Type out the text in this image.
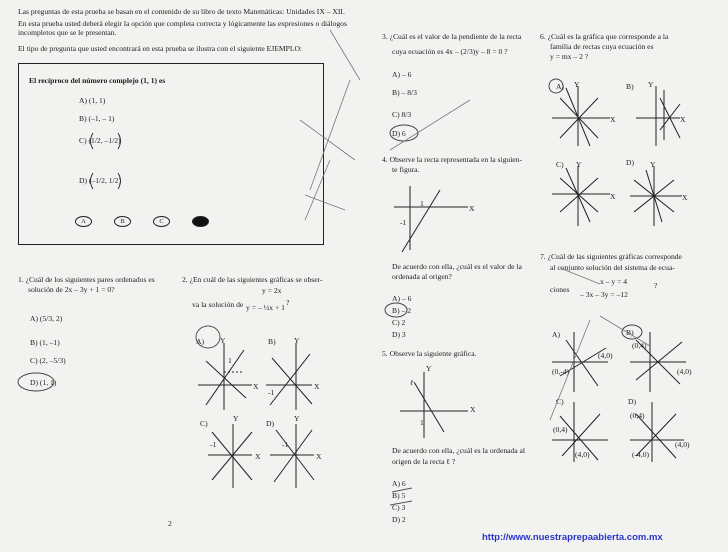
Las preguntas de esta prueba se basan en el contenido de su libro de texto Matemáticas: Unidades IX – XII.
En esta prueba usted deberá elegir la opción que completa correcta y lógicamente las expresiones o diálogos
incompletos que se le presentan.
El tipo de pregunta que usted encontrará en esta prueba se ilustra con el siguiente EJEMPLO:
El recíproco del número complejo (1, 1) es
A) (1, 1)
B) (–1, – 1)
C) (1/2, –1/2)
D) (–1/2, 1/2)
A	B	C	D
1. ¿Cuál de los siguientes pares ordenados es
solución de 2x – 3y + 1 = 0?
A) (5/3, 2)
B) (1, –1)
C) (2, –5/3)
D) (1, 1)
2. ¿En cuál de las siguientes gráficas se obser-
y = 2x
va la solución de y = – ½x + 1
?
A)	B)
C)	D)
X
Y
1
X
Y
-1
X
Y
-1
X
Y
-1
2
3. ¿Cuál es el valor de la pendiente de la recta
cuya ecuación es 4x – (2/3)y – 8 = 0 ?
A) – 6
B) – 8/3
C) 8/3
D) 6
4. Observe la recta representada en la siguien-
te figura.
1
-1
X
De acuerdo con ella, ¿cuál es el valor de la
ordenada al origen?
A) – 6
B) – 2
C) 2
D) 3
5. Observe la siguiente gráfica.
ℓ
Y
1
X
De acuerdo con ella, ¿cuál es la ordenada al
origen de la recta ℓ ?
A) 6
B) 5
C) 3
D) 2
6. ¿Cuál es la gráfica que corresponde a la
familia de rectas cuya ecuación es
y = mx – 2 ?
A)	B)
C)	D)
Y	Y
Y	Y
X	X
X	X
7. ¿Cuál de las siguientes gráficas corresponde
al conjunto solución del sistema de ecua-
x – y = 4
ciones
– 3x – 3y = –12
?
A)	B)
C)	D)
(4,0)
(0,-4)	(4,0)
(0,4)
(0,4)
(4,0)	(-4,0)
(4,0)
(0,4)
http://www.nuestraprepaabierta.com.mx
